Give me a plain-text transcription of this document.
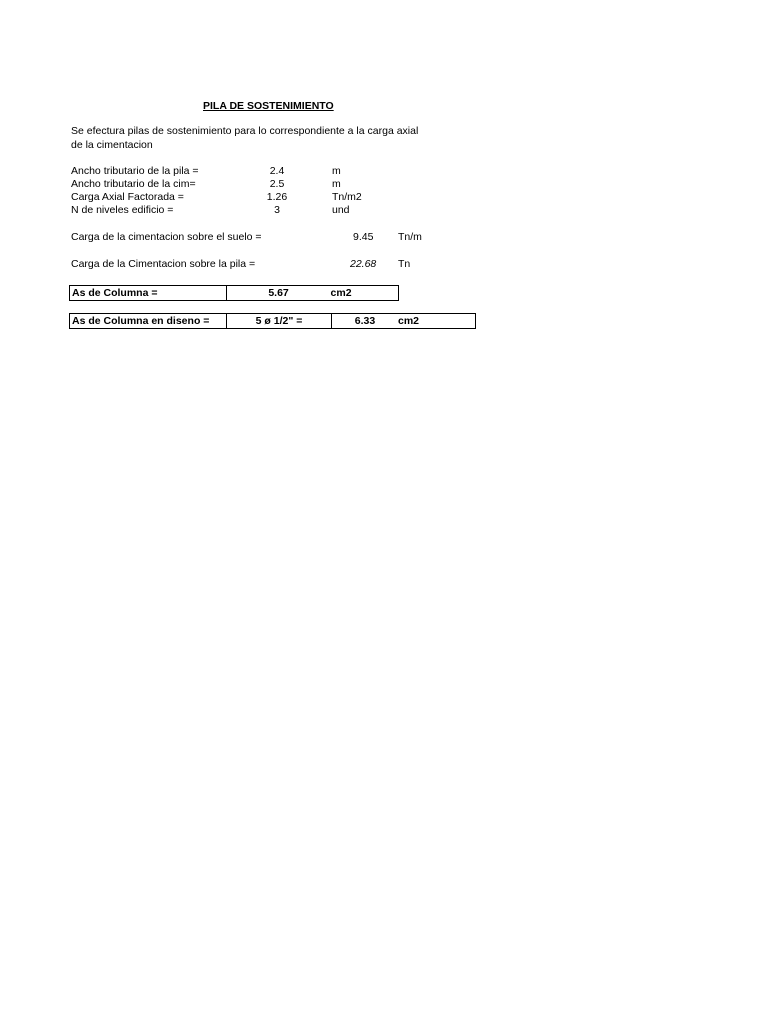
PILA DE SOSTENIMIENTO
Se efectura pilas de sostenimiento para lo correspondiente a la carga axial de la cimentacion
Ancho tributario de la pila =	2.4	m
Ancho tributario de la cim=	2.5	m
Carga Axial Factorada =	1.26	Tn/m2
N de niveles edificio =	3	und
Carga de la cimentacion sobre el suelo =	9.45 Tn/m
Carga de la Cimentacion sobre la pila =	22.68 Tn
As de Columna =	5.67	cm2
As de Columna en diseno =	5 ø 1/2" =	6.33	cm2
